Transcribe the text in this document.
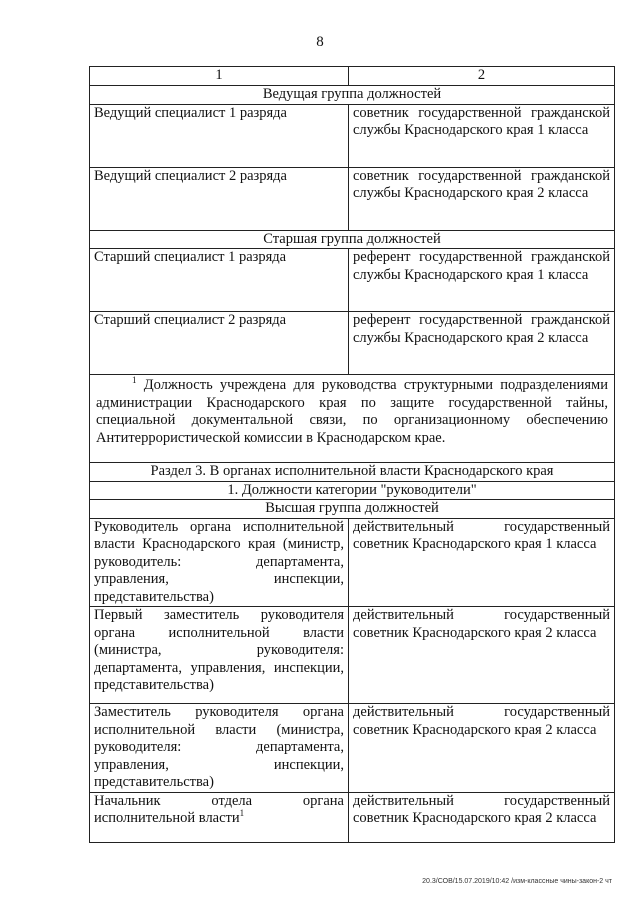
8
1	2
Ведущая группа должностей	
Ведущий специалист 1 разряда	советник государственной гражданской службы Краснодарского края 1 класса
Ведущий специалист 2 разряда	советник государственной гражданской службы Краснодарского края 2 класса
Старшая группа должностей	
Старший специалист 1 разряда	референт государственной гражданской службы Краснодарского края 1 класса
Старший специалист 2 разряда	референт государственной гражданской службы Краснодарского края 2 класса
$^1$ Должность учреждена для руководства структурными подразделениями администрации Краснодарского края по защите государственной тайны, специальной документальной связи, по организационному обеспечению Антитеррористической комиссии в Краснодарском крае.	
Раздел 3. В органах исполнительной власти Краснодарского края	
1. Должности категории "руководители"	
Высшая группа должностей	
Руководитель органа исполнительной власти Краснодарского края (министр, руководитель: департамента, управления, инспекции, представительства)	действительный государственный советник Краснодарского края 1 класса
Первый заместитель руководителя органа исполнительной власти (министра, руководителя: департамента, управления, инспекции, представительства)	действительный государственный советник Краснодарского края 2 класса
Заместитель руководителя органа исполнительной власти (министра, руководителя: департамента, управления, инспекции, представительства)	действительный государственный советник Краснодарского края 2 класса
Начальник отдела органа исполнительной власти$^1$	действительный государственный советник Краснодарского края 2 класса
20.3/СОВ/15.07.2019/10:42 /изм-классные чины-закон-2 чт
